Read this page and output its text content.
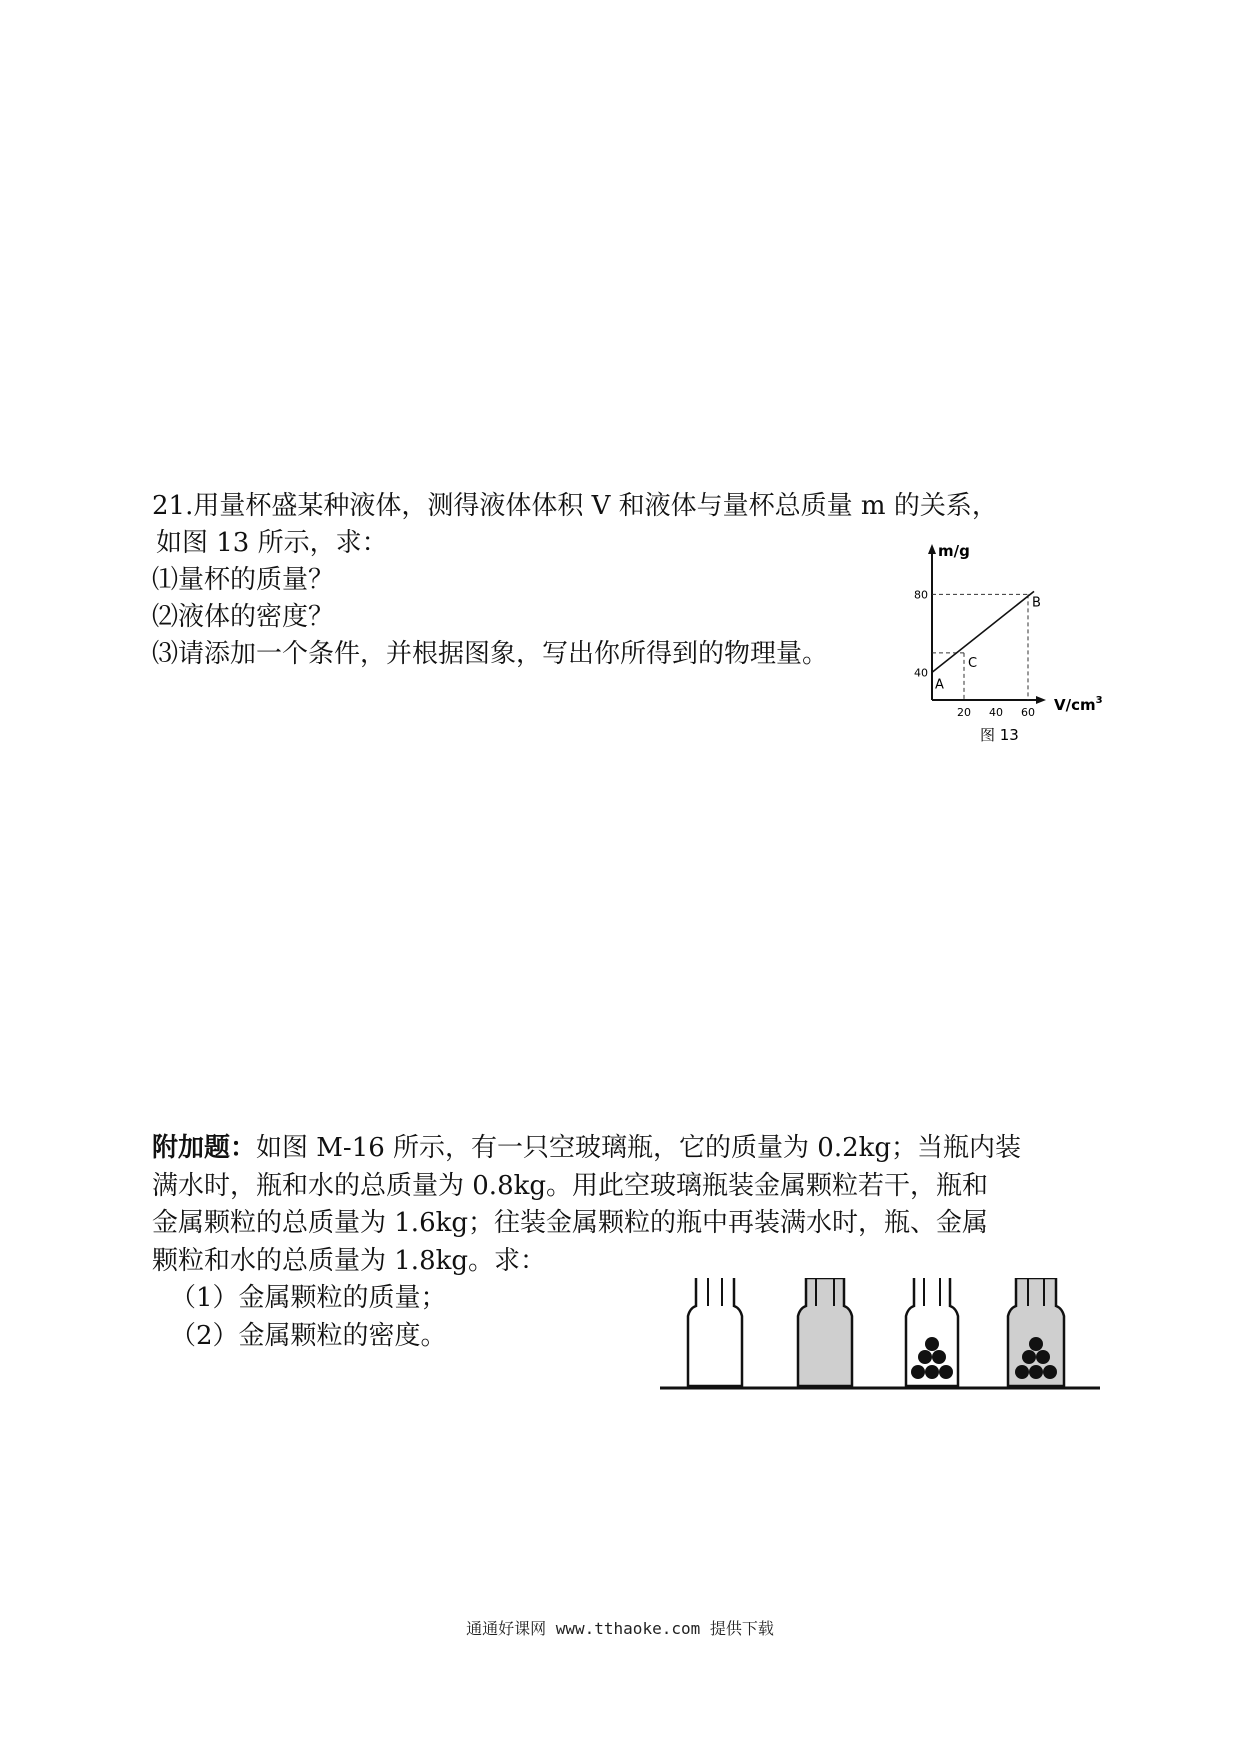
21.用量杯盛某种液体，测得液体体积 V 和液体与量杯总质量 m 的关系，
如图 13 所示，求：
⑴量杯的质量？
⑵液体的密度？
⑶请添加一个条件，并根据图象，写出你所得到的物理量。
m/g
$V/cm^3$
80
40
20 40 60
A
B
C
图 13
附加题：如图 M-16 所示，有一只空玻璃瓶，它的质量为 0.2kg；当瓶内装
满水时，瓶和水的总质量为 0.8kg。用此空玻璃瓶装金属颗粒若干，瓶和
金属颗粒的总质量为 1.6kg；往装金属颗粒的瓶中再装满水时，瓶、金属
颗粒和水的总质量为 1.8kg。求：
（1）金属颗粒的质量；
（2）金属颗粒的密度。
通通好课网 www.tthaoke.com 提供下载
